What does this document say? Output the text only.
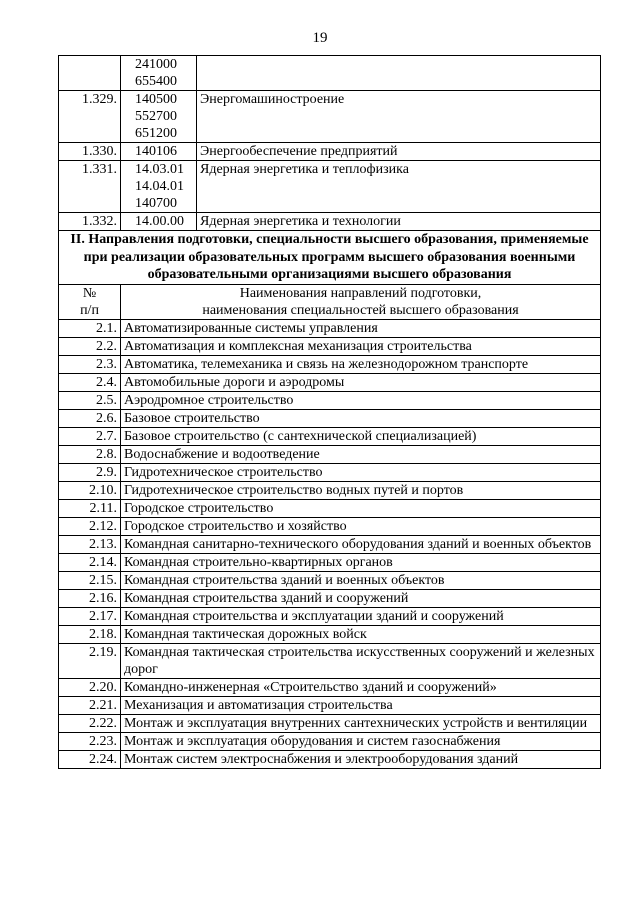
19

	241000
655400	

1.329.	140500
552700
651200	Энергомашиностроение
1.330.	140106	Энергообеспечение предприятий
1.331.	14.03.01
14.04.01
140700	Ядерная энергетика и теплофизика
1.332.	14.00.00	Ядерная энергетика и технологии
II. Направления подготовки, специальности высшего образования, применяемые при реализации образовательных программ высшего образования военными образовательными организациями высшего образования		
№
п/п	Наименования направлений подготовки,
наименования специальностей высшего образования	
2.1.	Автоматизированные системы управления	
2.2.	Автоматизация и комплексная механизация строительства	
2.3.	Автоматика, телемеханика и связь на железнодорожном транспорте	
2.4.	Автомобильные дороги и аэродромы	
2.5.	Аэродромное строительство	
2.6.	Базовое строительство	
2.7.	Базовое строительство (с сантехнической специализацией)	
2.8.	Водоснабжение и водоотведение	
2.9.	Гидротехническое строительство	
2.10.	Гидротехническое строительство водных путей и портов	
2.11.	Городское строительство	
2.12.	Городское строительство и хозяйство	
2.13.	Командная санитарно-технического оборудования зданий и военных объектов	
2.14.	Командная строительно-квартирных органов	
2.15.	Командная строительства зданий и военных объектов	
2.16.	Командная строительства зданий и сооружений	
2.17.	Командная строительства и эксплуатации зданий и сооружений	
2.18.	Командная тактическая дорожных войск	
2.19.	Командная тактическая строительства искусственных сооружений и железных дорог	
2.20.	Командно-инженерная «Строительство зданий и сооружений»	
2.21.	Механизация и автоматизация строительства	
2.22.	Монтаж и эксплуатация внутренних сантехнических устройств и вентиляции	
2.23.	Монтаж и эксплуатация оборудования и систем газоснабжения	
2.24.	Монтаж систем электроснабжения и электрооборудования зданий	
